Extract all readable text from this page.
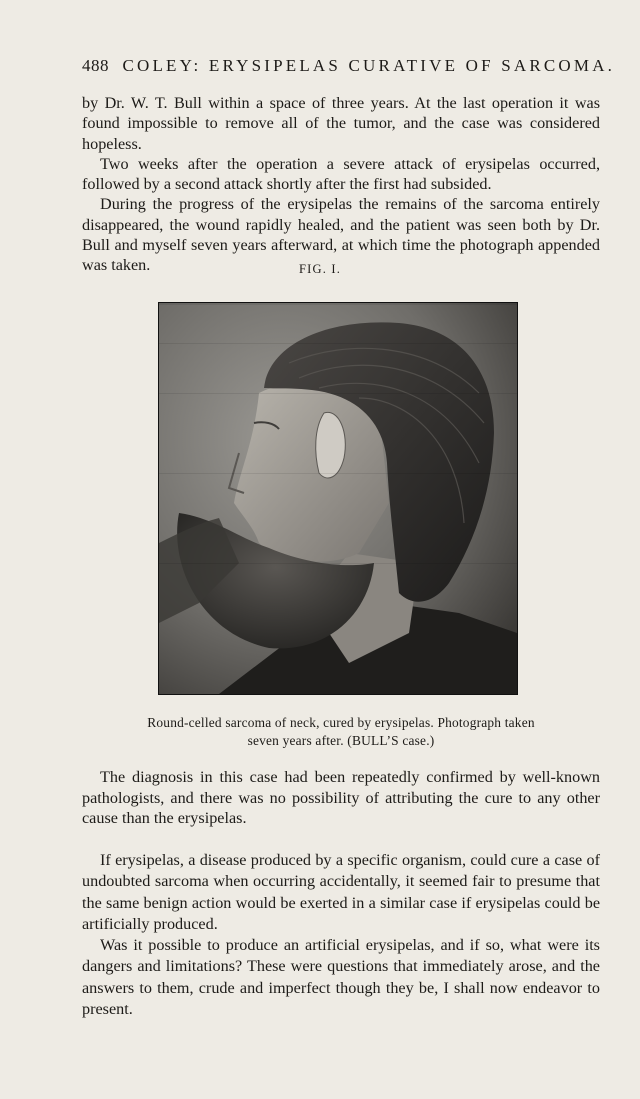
488 COLEY: ERYSIPELAS CURATIVE OF SARCOMA.

by Dr. W. T. Bull within a space of three years. At the last operation it was found impossible to remove all of the tumor, and the case was considered hopeless.

Two weeks after the operation a severe attack of erysipelas occurred, followed by a second attack shortly after the first had subsided.

During the progress of the erysipelas the remains of the sarcoma entirely disappeared, the wound rapidly healed, and the patient was seen both by Dr. Bull and myself seven years afterward, at which time the photograph appended was taken.	FIG. I.
Round-celled sarcoma of neck, cured by erysipelas. Photograph taken
seven years after. (BULL’S case.)

The diagnosis in this case had been repeatedly confirmed by well-known pathologists, and there was no possibility of attributing the cure to any other cause than the erysipelas.

If erysipelas, a disease produced by a specific organism, could cure a case of undoubted sarcoma when occurring accidentally, it seemed fair to presume that the same benign action would be exerted in a similar case if erysipelas could be artificially produced.

Was it possible to produce an artificial erysipelas, and if so, what were its dangers and limitations? These were questions that immediately arose, and the answers to them, crude and imperfect though they be, I shall now endeavor to present.
